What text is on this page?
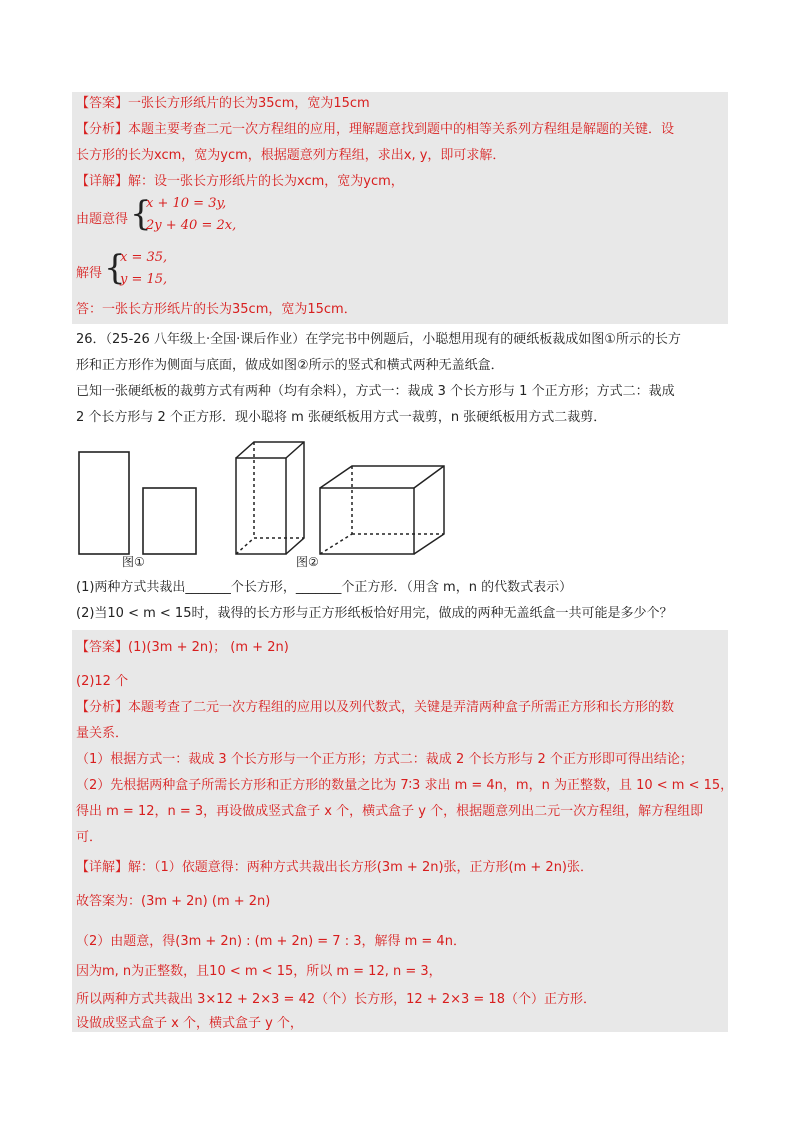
【答案】一张长方形纸片的长为35cm，宽为15cm
【分析】本题主要考查二元一次方程组的应用，理解题意找到题中的相等关系列方程组是解题的关键．设
长方形的长为xcm，宽为ycm，根据题意列方程组，求出x, y，即可求解．
【详解】解：设一张长方形纸片的长为xcm，宽为ycm，
由题意得 {
x + 10 = 3y,
2y + 40 = 2x,
解得 {
x = 35,
y = 15,
答：一张长方形纸片的长为35cm，宽为15cm．
26．（25-26 八年级上·全国·课后作业）在学完书中例题后，小聪想用现有的硬纸板裁成如图①所示的长方
形和正方形作为侧面与底面，做成如图②所示的竖式和横式两种无盖纸盒．
已知一张硬纸板的裁剪方式有两种（均有余料），方式一：裁成 3 个长方形与 1 个正方形；方式二：裁成
2 个长方形与 2 个正方形．现小聪将 m 张硬纸板用方式一裁剪，n 张硬纸板用方式二裁剪．
图①	图②
(1)两种方式共裁出_______个长方形，_______个正方形．（用含 m，n 的代数式表示）
(2)当10 < m < 15时，裁得的长方形与正方形纸板恰好用完，做成的两种无盖纸盒一共可能是多少个？
【答案】(1)(3m + 2n)； (m + 2n)
(2)12 个
【分析】本题考查了二元一次方程组的应用以及列代数式，关键是弄清两种盒子所需正方形和长方形的数
量关系．
（1）根据方式一：裁成 3 个长方形与一个正方形；方式二：裁成 2 个长方形与 2 个正方形即可得出结论；
（2）先根据两种盒子所需长方形和正方形的数量之比为 7∶3 求出 m = 4n，m，n 为正整数，且 10 < m < 15，
得出 m = 12，n = 3，再设做成竖式盒子 x 个，横式盒子 y 个，根据题意列出二元一次方程组，解方程组即
可．
【详解】解：（1）依题意得：两种方式共裁出长方形(3m + 2n)张，正方形(m + 2n)张．
故答案为：(3m + 2n) (m + 2n)
（2）由题意，得(3m + 2n) : (m + 2n) = 7 : 3，解得 m = 4n．
因为m, n为正整数，且10 < m < 15，所以 m = 12, n = 3，
所以两种方式共裁出 3×12 + 2×3 = 42（个）长方形，12 + 2×3 = 18（个）正方形．
设做成竖式盒子 x 个，横式盒子 y 个，
